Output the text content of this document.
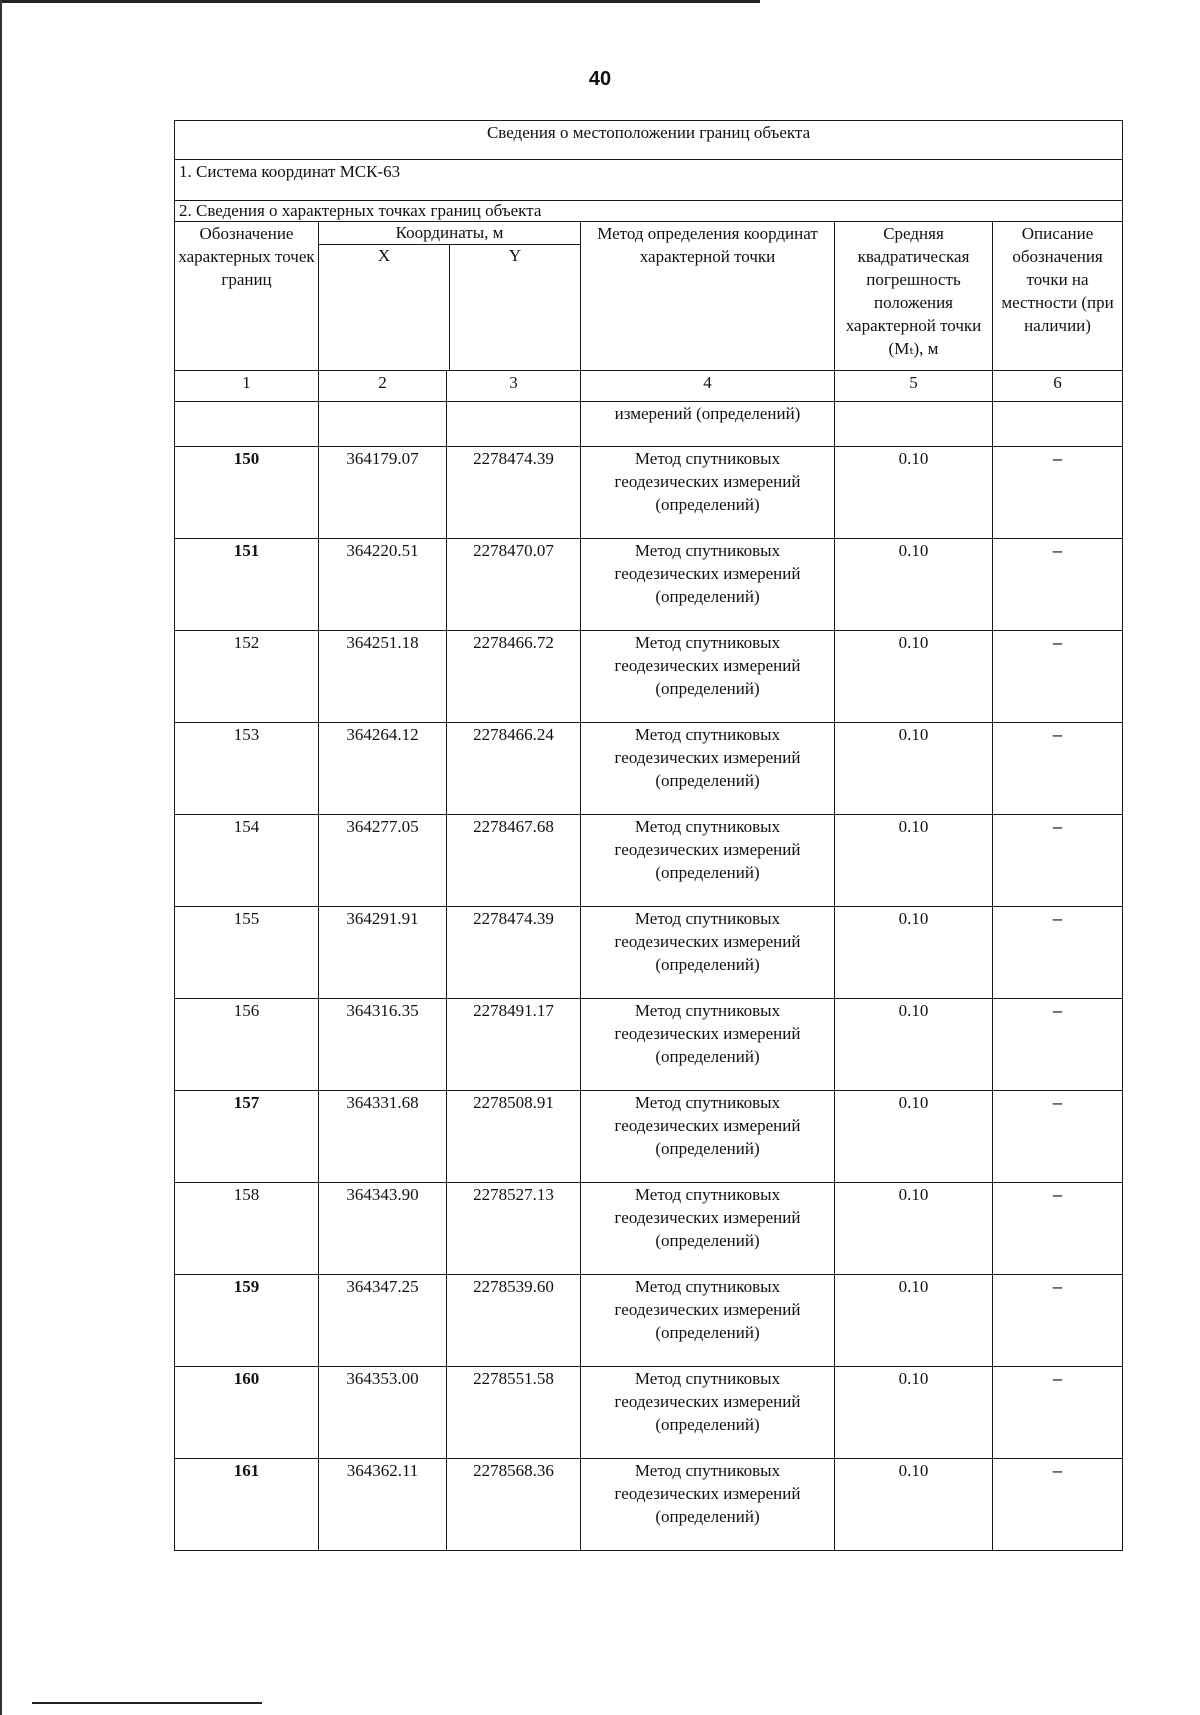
40
Сведения о местоположении границ объекта					
1. Система координат МСК-63					
2. Сведения о характерных точках границ объекта					
Обозначение характерных точек границ	Координаты, м
X Y		Метод определения координат характерной точки	Средняя квадратическая погрешность положения характерной точки (Mₜ), м	Описание обозначения точки на местности (при наличии)
1	2	3	4	5	6
			измерений (определений)		
150	364179.07	2278474.39	Метод спутниковых геодезических измерений (определений)	0.10	–
151	364220.51	2278470.07	Метод спутниковых геодезических измерений (определений)	0.10	–
152	364251.18	2278466.72	Метод спутниковых геодезических измерений (определений)	0.10	–
153	364264.12	2278466.24	Метод спутниковых геодезических измерений (определений)	0.10	–
154	364277.05	2278467.68	Метод спутниковых геодезических измерений (определений)	0.10	–
155	364291.91	2278474.39	Метод спутниковых геодезических измерений (определений)	0.10	–
156	364316.35	2278491.17	Метод спутниковых геодезических измерений (определений)	0.10	–
157	364331.68	2278508.91	Метод спутниковых геодезических измерений (определений)	0.10	–
158	364343.90	2278527.13	Метод спутниковых геодезических измерений (определений)	0.10	–
159	364347.25	2278539.60	Метод спутниковых геодезических измерений (определений)	0.10	–
160	364353.00	2278551.58	Метод спутниковых геодезических измерений (определений)	0.10	–
161	364362.11	2278568.36	Метод спутниковых геодезических измерений (определений)	0.10	–
